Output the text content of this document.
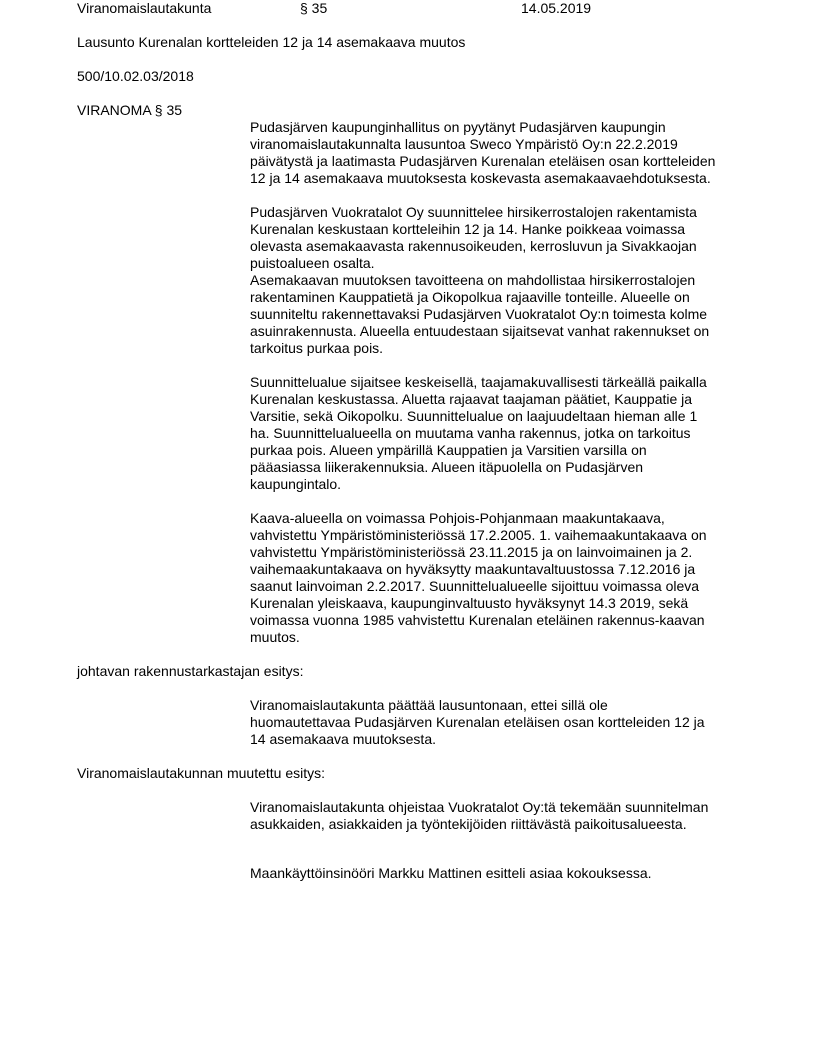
Viranomaislautakunta	§ 35	14.05.2019
Lausunto Kurenalan kortteleiden 12 ja 14 asemakaava muutos
500/10.02.03/2018
VIRANOMA § 35

Pudasjärven kaupunginhallitus on pyytänyt Pudasjärven kaupungin
viranomaislautakunnalta lausuntoa Sweco Ympäristö Oy:n 22.2.2019
päivätystä ja laatimasta Pudasjärven Kurenalan eteläisen osan kortteleiden
12 ja 14 asemakaava muutoksesta koskevasta asemakaavaehdotuksesta.

Pudasjärven Vuokratalot Oy suunnittelee hirsikerrostalojen rakentamista
Kurenalan keskustaan kortteleihin 12 ja 14. Hanke poikkeaa voimassa
olevasta asemakaavasta rakennusoikeuden, kerrosluvun ja Sivakkaojan
puistoalueen osalta.
Asemakaavan muutoksen tavoitteena on mahdollistaa hirsikerrostalojen
rakentaminen Kauppatietä ja Oikopolkua rajaaville tonteille. Alueelle on
suunniteltu rakennettavaksi Pudasjärven Vuokratalot Oy:n toimesta kolme
asuinrakennusta. Alueella entuudestaan sijaitsevat vanhat rakennukset on
tarkoitus purkaa pois.

Suunnittelualue sijaitsee keskeisellä, taajamakuvallisesti tärkeällä paikalla
Kurenalan keskustassa. Aluetta rajaavat taajaman päätiet, Kauppatie ja
Varsitie, sekä Oikopolku. Suunnittelualue on laajuudeltaan hieman alle 1
ha. Suunnittelualueella on muutama vanha rakennus, jotka on tarkoitus
purkaa pois. Alueen ympärillä Kauppatien ja Varsitien varsilla on
pääasiassa liikerakennuksia. Alueen itäpuolella on Pudasjärven
kaupungintalo.

Kaava-alueella on voimassa Pohjois-Pohjanmaan maakuntakaava,
vahvistettu Ympäristöministeriössä 17.2.2005. 1. vaihemaakuntakaava on
vahvistettu Ympäristöministeriössä 23.11.2015 ja on lainvoimainen ja 2.
vaihemaakuntakaava on hyväksytty maakuntavaltuustossa 7.12.2016 ja
saanut lainvoiman 2.2.2017. Suunnittelualueelle sijoittuu voimassa oleva
Kurenalan yleiskaava, kaupunginvaltuusto hyväksynyt 14.3 2019, sekä
voimassa vuonna 1985 vahvistettu Kurenalan eteläinen rakennus-kaavan
muutos.

johtavan rakennustarkastajan esitys:

Viranomaislautakunta päättää lausuntonaan, ettei sillä ole
huomautettavaa Pudasjärven Kurenalan eteläisen osan kortteleiden 12 ja
14 asemakaava muutoksesta.

Viranomaislautakunnan muutettu esitys:

Viranomaislautakunta ohjeistaa Vuokratalot Oy:tä tekemään suunnitelman
asukkaiden, asiakkaiden ja työntekijöiden riittävästä paikoitusalueesta.

Maankäyttöinsinööri Markku Mattinen esitteli asiaa kokouksessa.
